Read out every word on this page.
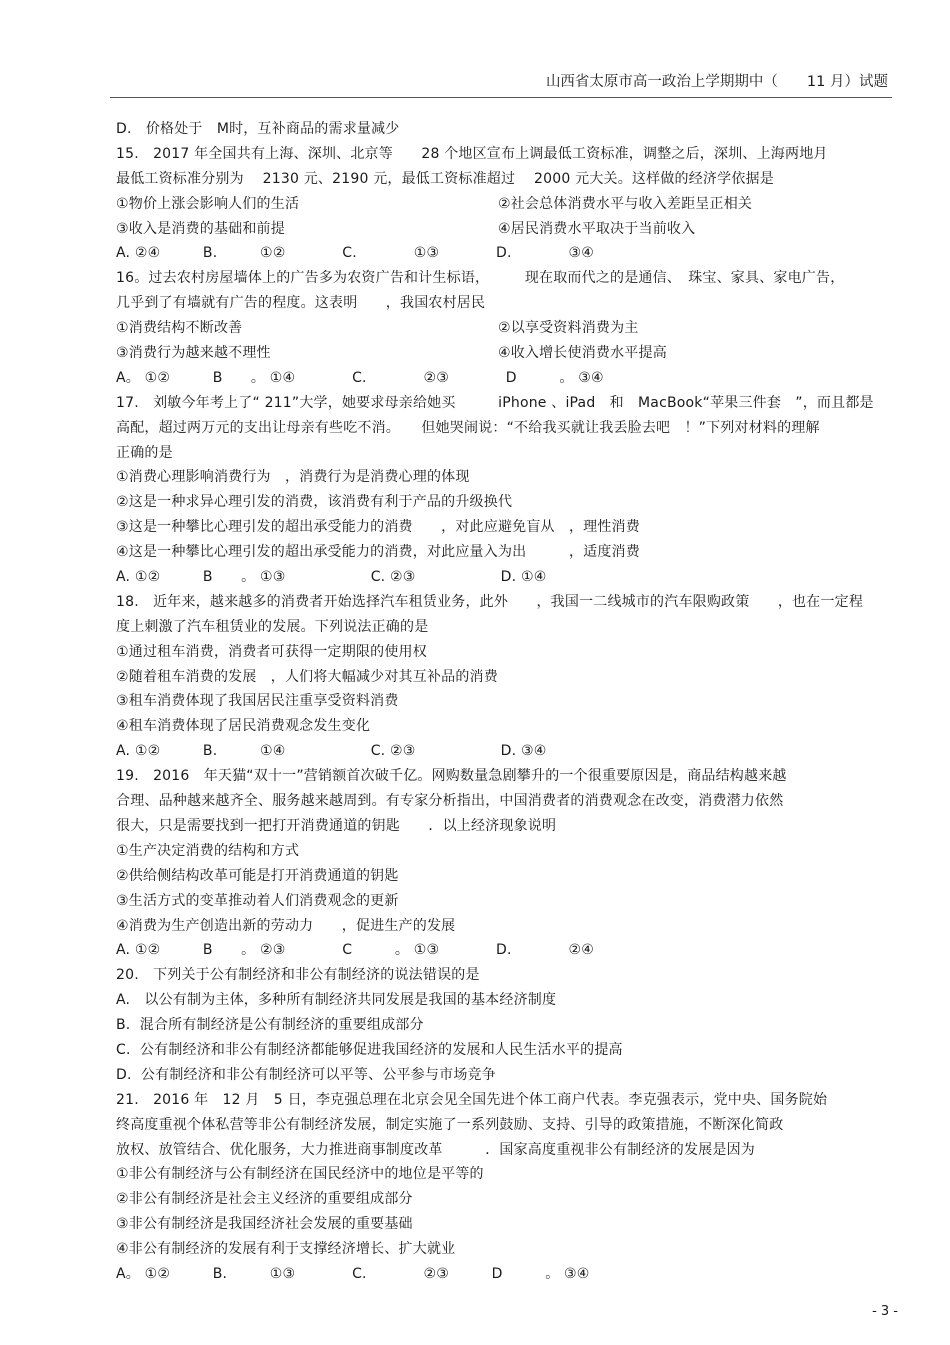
山西省太原市高一政治上学期期中（　　11 月）试题
D.　价格处于　M时，互补商品的需求量减少
15.　2017 年全国共有上海、深圳、北京等　　28 个地区宣布上调最低工资标准，调整之后，深圳、上海两地月
最低工资标准分别为　 2130 元、2190 元，最低工资标准超过　 2000 元大关。这样做的经济学依据是
①物价上涨会影响人们的生活　　　　　　　　　　　　　　②社会总体消费水平与收入差距呈正相关
③收入是消费的基础和前提　　　　　　　　　　　　　　　④居民消费水平取决于当前收入
A. ②④　　　B.　　　①②　　　　C.　　　　①③　　　　D.　　　　③④
16。过去农村房屋墙体上的广告多为农资广告和计生标语，　　　现在取而代之的是通信、　珠宝、家具、家电广告，
几乎到了有墙就有广告的程度。这表明　　，我国农村居民
①消费结构不断改善　　　　　　　　　　　　　　　　　　②以享受资料消费为主
③消费行为越来越不理性　　　　　　　　　　　　　　　　④收入增长使消费水平提高
A。 ①②　　　B　　。 ①④　　　　C.　　　　②③　　　　D　　　。 ③④
17.　刘敏今年考上了“ 211”大学，她要求母亲给她买　　　iPhone 、iPad　和　MacBook“苹果三件套　”，而且都是
高配，超过两万元的支出让母亲有些吃不消。　　但她哭闹说：“不给我买就让我丢脸去吧　！”下列对材料的理解
正确的是
①消费心理影响消费行为　，消费行为是消费心理的体现
②这是一种求异心理引发的消费，该消费有利于产品的升级换代
③这是一种攀比心理引发的超出承受能力的消费　　，对此应避免盲从　，理性消费
④这是一种攀比心理引发的超出承受能力的消费，对此应量入为出　　　，适度消费
A. ①②　　　B　　。 ①③　　　　　　C. ②③　　　　　　D. ①④
18.　近年来，越来越多的消费者开始选择汽车租赁业务，此外　　，我国一二线城市的汽车限购政策　　，也在一定程
度上刺激了汽车租赁业的发展。下列说法正确的是
①通过租车消费，消费者可获得一定期限的使用权
②随着租车消费的发展　，人们将大幅减少对其互补品的消费
③租车消费体现了我国居民注重享受资料消费
④租车消费体现了居民消费观念发生变化
A. ①②　　　B.　　　①④　　　　　　C. ②③　　　　　　D. ③④
19.　2016　年天猫“双十一”营销额首次破千亿。网购数量急剧攀升的一个很重要原因是，商品结构越来越
合理、品种越来越齐全、服务越来越周到。有专家分析指出，中国消费者的消费观念在改变，消费潜力依然
很大，只是需要找到一把打开消费通道的钥匙　　．以上经济现象说明
①生产决定消费的结构和方式
②供给侧结构改革可能是打开消费通道的钥匙
③生活方式的变革推动着人们消费观念的更新
④消费为生产创造出新的劳动力　　，促进生产的发展
A. ①②　　　B　　。 ②③　　　　C　　　。 ①③　　　　D.　　　　②④
20.　下列关于公有制经济和非公有制经济的说法错误的是
A.　以公有制为主体，多种所有制经济共同发展是我国的基本经济制度
B.  混合所有制经济是公有制经济的重要组成部分
C.  公有制经济和非公有制经济都能够促进我国经济的发展和人民生活水平的提高
D.  公有制经济和非公有制经济可以平等、公平参与市场竞争
21.　2016 年　12 月　5 日，李克强总理在北京会见全国先进个体工商户代表。李克强表示，党中央、国务院始
终高度重视个体私营等非公有制经济发展，制定实施了一系列鼓励、支持、引导的政策措施，不断深化简政
放权、放管结合、优化服务，大力推进商事制度改革　　　．国家高度重视非公有制经济的发展是因为
①非公有制经济与公有制经济在国民经济中的地位是平等的
②非公有制经济是社会主义经济的重要组成部分
③非公有制经济是我国经济社会发展的重要基础
④非公有制经济的发展有利于支撑经济增长、扩大就业
A。 ①②　　　B.　　　①③　　　　C.　　　　②③　　　D　　　。 ③④
- 3 -
